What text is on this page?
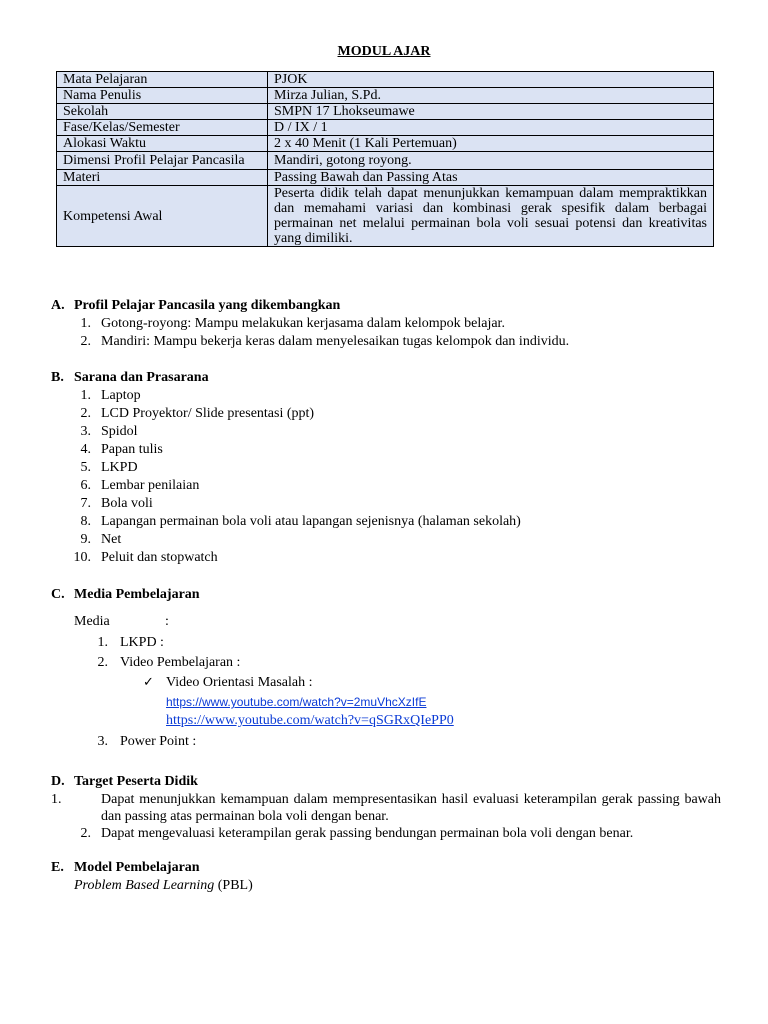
MODUL AJAR
Mata Pelajaran	PJOK
Nama Penulis	Mirza Julian, S.Pd.
Sekolah	SMPN 17 Lhokseumawe
Fase/Kelas/Semester	D / IX / 1
Alokasi Waktu	2 x 40 Menit (1 Kali Pertemuan)
Dimensi Profil Pelajar Pancasila	Mandiri, gotong royong.
Materi	Passing Bawah dan Passing Atas
Kompetensi Awal	Peserta didik telah dapat menunjukkan kemampuan dalam mempraktikkan dan memahami variasi dan kombinasi gerak spesifik dalam berbagai permainan net melalui permainan bola voli sesuai potensi dan kreativitas yang dimiliki.
A. Profil Pelajar Pancasila yang dikembangkan
1. Gotong-royong: Mampu melakukan kerjasama dalam kelompok belajar.
2. Mandiri: Mampu bekerja keras dalam menyelesaikan tugas kelompok dan individu.
B. Sarana dan Prasarana
1. Laptop
2. LCD Proyektor/ Slide presentasi (ppt)
3. Spidol
4. Papan tulis
5. LKPD
6. Lembar penilaian
7. Bola voli
8. Lapangan permainan bola voli atau lapangan sejenisnya (halaman sekolah)
9. Net
10. Peluit dan stopwatch
C. Media Pembelajaran
Media	:
1. LKPD :
2. Video Pembelajaran :
✓ Video Orientasi Masalah :
https://www.youtube.com/watch?v=2muVhcXzIfE
https://www.youtube.com/watch?v=qSGRxQIePP0
3. Power Point :
D. Target Peserta Didik
1.	Dapat menunjukkan kemampuan dalam mempresentasikan hasil evaluasi keterampilan gerak passing bawah dan passing atas permainan bola voli dengan benar.
2. Dapat mengevaluasi keterampilan gerak passing bendungan permainan bola voli dengan benar.
E. Model Pembelajaran
Problem Based Learning (PBL)
